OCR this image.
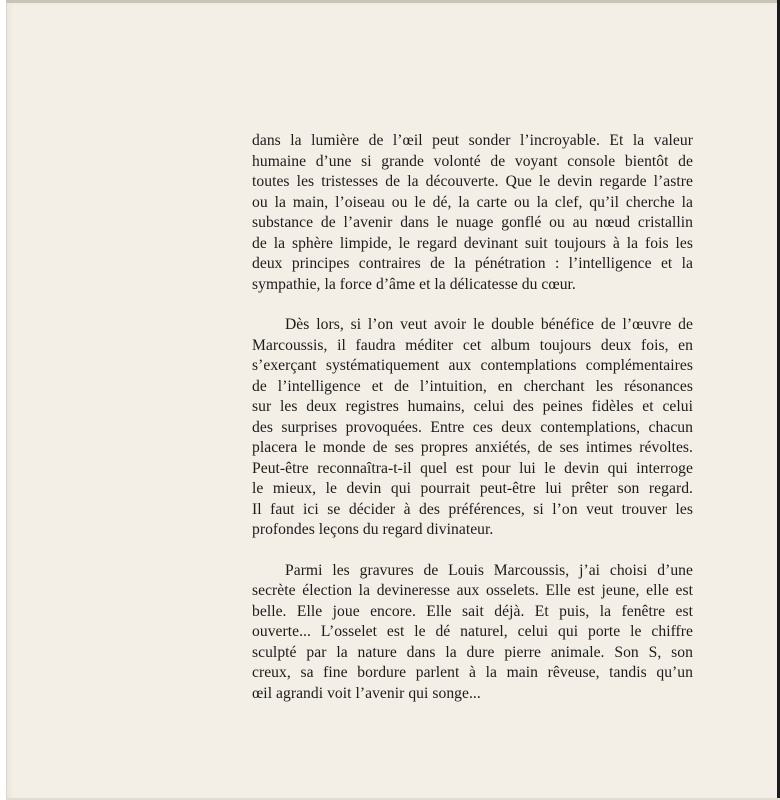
dans la lumière de l’œil peut sonder l’incroyable. Et la valeur
humaine d’une si grande volonté de voyant console bientôt de
toutes les tristesses de la découverte. Que le devin regarde l’astre
ou la main, l’oiseau ou le dé, la carte ou la clef, qu’il cherche la
substance de l’avenir dans le nuage gonflé ou au nœud cristallin
de la sphère limpide, le regard devinant suit toujours à la fois les
deux principes contraires de la pénétration : l’intelligence et la
sympathie, la force d’âme et la délicatesse du cœur.

Dès lors, si l’on veut avoir le double bénéfice de l’œuvre de
Marcoussis, il faudra méditer cet album toujours deux fois, en
s’exerçant systématiquement aux contemplations complémentaires
de l’intelligence et de l’intuition, en cherchant les résonances
sur les deux registres humains, celui des peines fidèles et celui
des surprises provoquées. Entre ces deux contemplations, chacun
placera le monde de ses propres anxiétés, de ses intimes révoltes.
Peut-être reconnaîtra-t-il quel est pour lui le devin qui interroge
le mieux, le devin qui pourrait peut-être lui prêter son regard.
Il faut ici se décider à des préférences, si l’on veut trouver les
profondes leçons du regard divinateur.

Parmi les gravures de Louis Marcoussis, j’ai choisi d’une
secrète élection la devineresse aux osselets. Elle est jeune, elle est
belle. Elle joue encore. Elle sait déjà. Et puis, la fenêtre est
ouverte... L’osselet est le dé naturel, celui qui porte le chiffre
sculpté par la nature dans la dure pierre animale. Son S, son
creux, sa fine bordure parlent à la main rêveuse, tandis qu’un
œil agrandi voit l’avenir qui songe...
